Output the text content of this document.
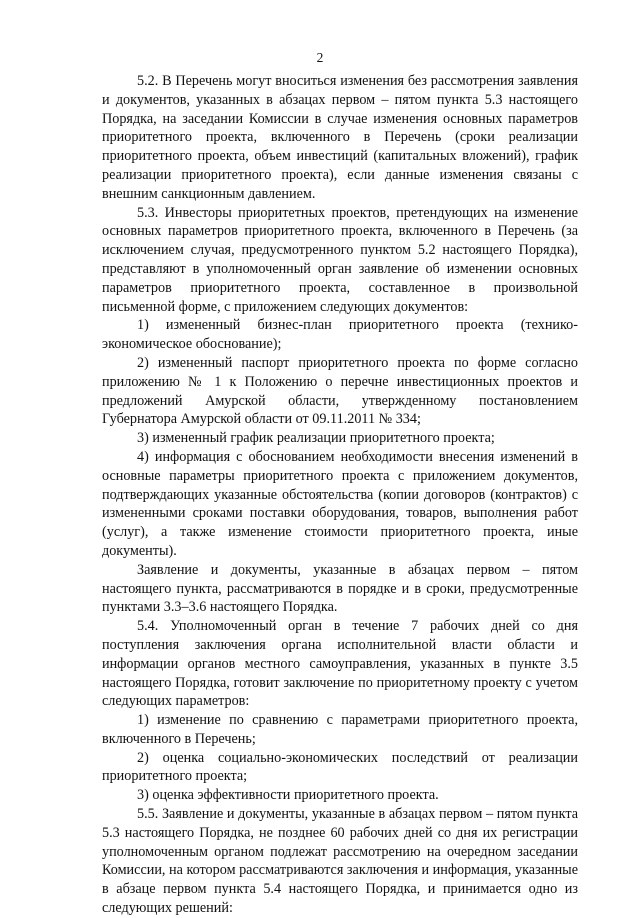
2

5.2. В Перечень могут вноситься изменения без рассмотрения заявления и документов, указанных в абзацах первом – пятом пункта 5.3 настоящего Порядка, на заседании Комиссии в случае изменения основных параметров приоритетного проекта, включенного в Перечень (сроки реализации приоритетного проекта, объем инвестиций (капитальных вложений), график реализации приоритетного проекта), если данные изменения связаны с внешним санкционным давлением.

5.3. Инвесторы приоритетных проектов, претендующих на изменение основных параметров приоритетного проекта, включенного в Перечень (за исключением случая, предусмотренного пунктом 5.2 настоящего Порядка), представляют в уполномоченный орган заявление об изменении основных параметров приоритетного проекта, составленное в произвольной письменной форме, с приложением следующих документов:

1) измененный бизнес-план приоритетного проекта (технико-экономическое обоснование);

2) измененный паспорт приоритетного проекта по форме согласно приложению № 1 к Положению о перечне инвестиционных проектов и предложений Амурской области, утвержденному постановлением Губернатора Амурской области от 09.11.2011 № 334;

3) измененный график реализации приоритетного проекта;

4) информация с обоснованием необходимости внесения изменений в основные параметры приоритетного проекта с приложением документов, подтверждающих указанные обстоятельства (копии договоров (контрактов) с измененными сроками поставки оборудования, товаров, выполнения работ (услуг), а также изменение стоимости приоритетного проекта, иные документы).

Заявление и документы, указанные в абзацах первом – пятом настоящего пункта, рассматриваются в порядке и в сроки, предусмотренные пунктами 3.3–3.6 настоящего Порядка.

5.4. Уполномоченный орган в течение 7 рабочих дней со дня поступления заключения органа исполнительной власти области и информации органов местного самоуправления, указанных в пункте 3.5 настоящего Порядка, готовит заключение по приоритетному проекту с учетом следующих параметров:

1) изменение по сравнению с параметрами приоритетного проекта, включенного в Перечень;

2) оценка социально-экономических последствий от реализации приоритетного проекта;

3) оценка эффективности приоритетного проекта.

5.5. Заявление и документы, указанные в абзацах первом – пятом пункта 5.3 настоящего Порядка, не позднее 60 рабочих дней со дня их регистрации уполномоченным органом подлежат рассмотрению на очередном заседании Комиссии, на котором рассматриваются заключения и информация, указанные в абзаце первом пункта 5.4 настоящего Порядка, и принимается одно из следующих решений:
